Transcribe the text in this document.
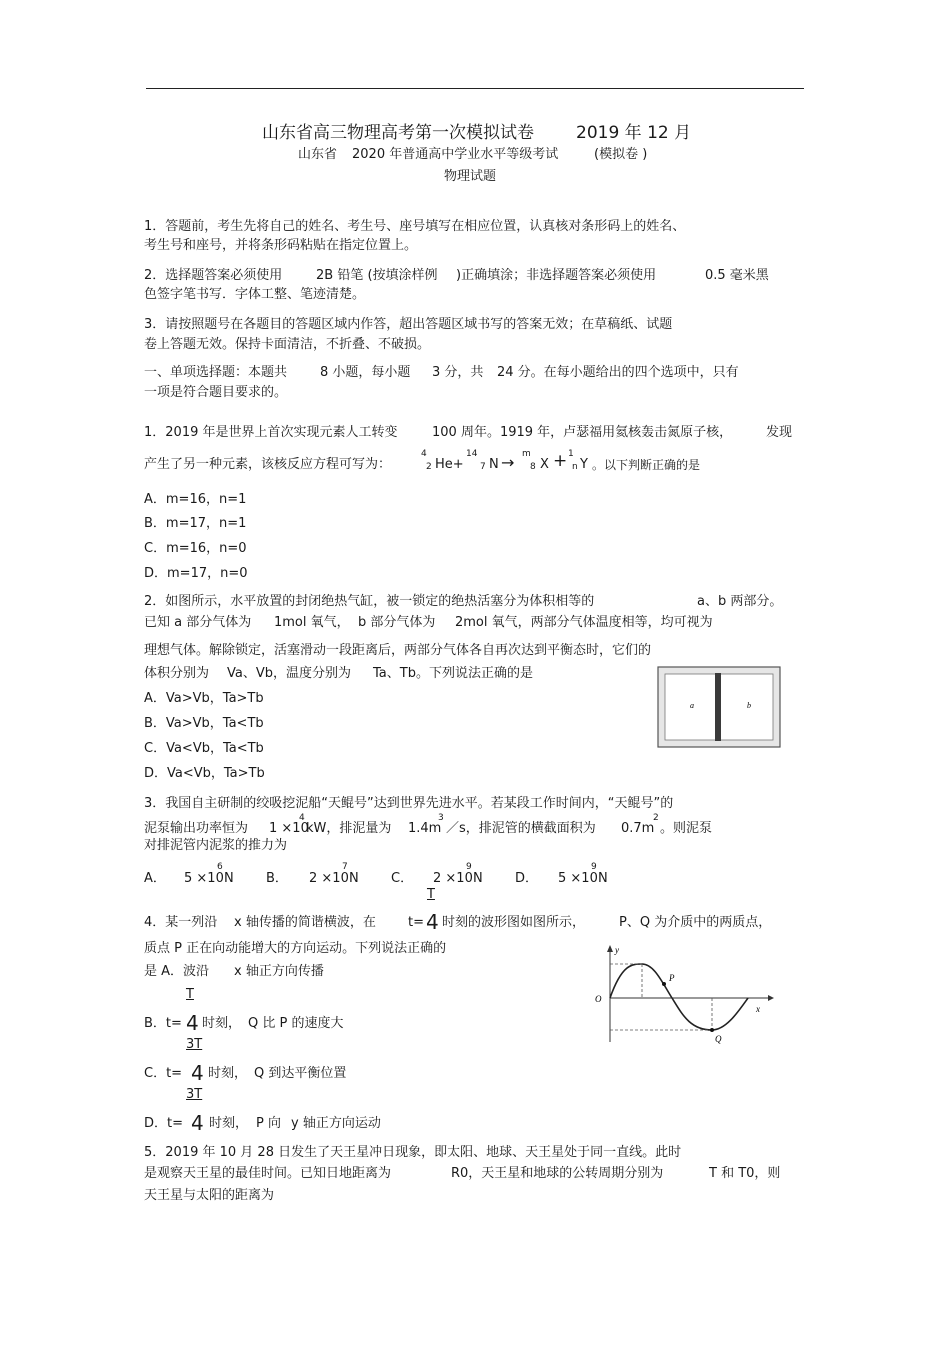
山东省高三物理高考第一次模拟试卷 2019 年 12 月
山东省 2020 年普通高中学业水平等级考试	(模拟卷 )
物理试题
1．答题前，考生先将自己的姓名、考生号、座号填写在相应位置，认真核对条形码上的姓名、
考生号和座号，并将条形码粘贴在指定位置上。
2．选择题答案必须使用	2B 铅笔 (按填涂样例 )正确填涂；非选择题答案必须使用	0.5 毫米黑
色签字笔书写．字体工整、笔迹清楚。
3．请按照题号在各题目的答题区域内作答，超出答题区域书写的答案无效；在草稿纸、试题
卷上答题无效。保持卡面清洁，不折叠、不破损。
一、单项选择题：本题共	8 小题，每小题 3 分，共 24 分。在每小题给出的四个选项中，只有
一项是符合题目要求的。
1．2019 年是世界上首次实现元素人工转变	100 周年。1919 年，卢瑟福用氦核轰击氮原子核，	发现
产生了另一种元素，该核反应方程可写为：
4
2 He+
14
7 N → m
8 X + 1
n Y 。以下判断正确的是
A．m=16，n=1
B．m=17，n=1
C．m=16，n=0
D．m=17，n=0
2．如图所示，水平放置的封闭绝热气缸，被一锁定的绝热活塞分为体积相等的	a、b 两部分。
已知 a 部分气体为 1mol 氧气， b 部分气体为 2mol 氧气，两部分气体温度相等，均可视为
理想气体。解除锁定，活塞滑动一段距离后，两部分气体各自再次达到平衡态时，它们的
体积分别为 Va、Vb，温度分别为 Ta、Tb。下列说法正确的是
A．Va>Vb，Ta>Tb
B．Va>Vb，Ta<Tb
C．Va<Vb，Ta<Tb
D．Va<Vb，Ta>Tb
a	b
3．我国自主研制的绞吸挖泥船“天鲲号”达到世界先进水平。若某段工作时间内，“天鲲号”的
泥泵输出功率恒为 1 ×10
4
kW，排泥量为 1.4m
3
／s，排泥管的横截面积为 0.7m
2
。则泥泵
对排泥管内泥浆的推力为
A． 5 ×10
6
N B． 2 ×10
7
N C． 2 ×10
9
N D． 5 ×10
9
N
T
4．某一列沿 x 轴传播的简谐横波，在 t= 4 时刻的波形图如图所示，	P、Q 为介质中的两质点，
质点 P 正在向动能增大的方向运动。下列说法正确的
是 A．波沿 x 轴正方向传播
T
B．t= 4 时刻， Q 比 P 的速度大
3T
C．t= 4 时刻， Q 到达平衡位置
3T
D．t= 4 时刻， P 向 y 轴正方向运动
y
O
x
P
Q
5．2019 年 10 月 28 日发生了天王星冲日现象，即太阳、地球、天王星处于同一直线。此时
是观察天王星的最佳时间。已知日地距离为	R0，天王星和地球的公转周期分别为	T 和 T0，则
天王星与太阳的距离为
